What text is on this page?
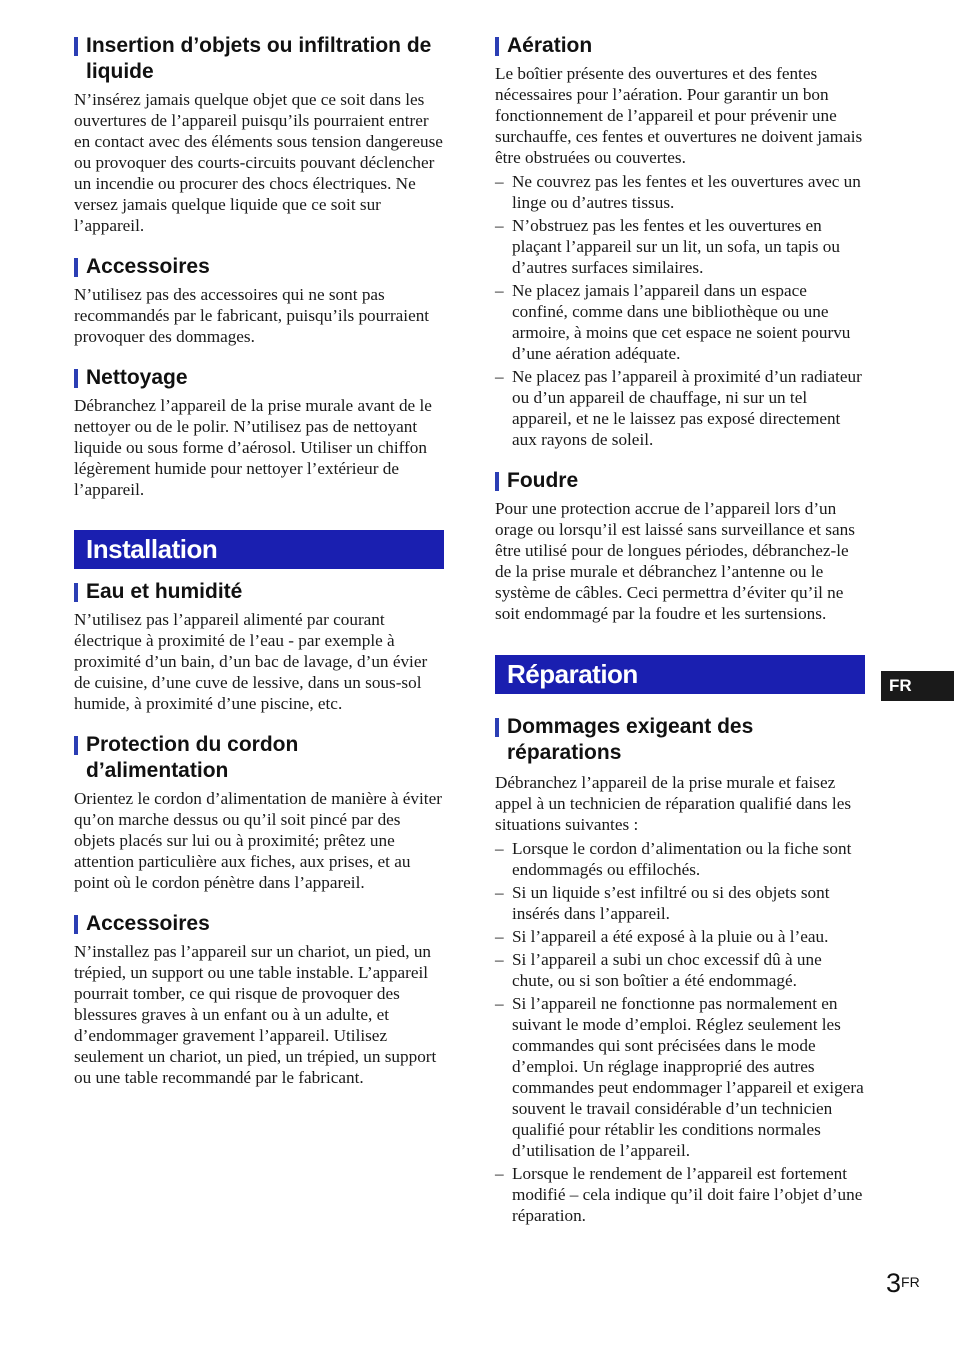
Insertion d’objets ou infiltration de liquide

N’insérez jamais quelque objet que ce soit dans les ouvertures de l’appareil puisqu’ils pourraient entrer en contact avec des éléments sous tension dangereuse ou provoquer des courts-circuits pouvant déclencher un incendie ou procurer des chocs électriques. Ne versez jamais quelque liquide que ce soit sur l’appareil.

Accessoires

N’utilisez pas des accessoires qui ne sont pas recommandés par le fabricant, puisqu’ils pourraient provoquer des dommages.

Nettoyage

Débranchez l’appareil de la prise murale avant de le nettoyer ou de le polir. N’utilisez pas de nettoyant liquide ou sous forme d’aérosol. Utiliser un chiffon légèrement humide pour nettoyer l’extérieur de l’appareil.

Installation
Eau et humidité

N’utilisez pas l’appareil alimenté par courant électrique à proximité de l’eau - par exemple à proximité d’un bain, d’un bac de lavage, d’un évier de cuisine, d’une cuve de lessive, dans un sous-sol humide, à proximité d’une piscine, etc.

Protection du cordon d’alimentation

Orientez le cordon d’alimentation de manière à éviter qu’on marche dessus ou qu’il soit pincé par des objets placés sur lui ou à proximité; prêtez une attention particulière aux fiches, aux prises, et au point où le cordon pénètre dans l’appareil.

Accessoires

N’installez pas l’appareil sur un chariot, un pied, un trépied, un support ou une table instable. L’appareil pourrait tomber, ce qui risque de provoquer des blessures graves à un enfant ou à un adulte, et d’endommager gravement l’appareil. Utilisez seulement un chariot, un pied, un trépied, un support ou une table recommandé par le fabricant.

Aération

Le boîtier présente des ouvertures et des fentes nécessaires pour l’aération. Pour garantir un bon fonctionnement de l’appareil et pour prévenir une surchauffe, ces fentes et ouvertures ne doivent jamais être obstruées ou couvertes.

– Ne couvrez pas les fentes et les ouvertures avec un linge ou d’autres tissus.
– N’obstruez pas les fentes et les ouvertures en plaçant l’appareil sur un lit, un sofa, un tapis ou d’autres surfaces similaires.
– Ne placez jamais l’appareil dans un espace confiné, comme dans une bibliothèque ou une armoire, à moins que cet espace ne soient pourvu d’une aération adéquate.
– Ne placez pas l’appareil à proximité d’un radiateur ou d’un appareil de chauffage, ni sur un tel appareil, et ne le laissez pas exposé directement aux rayons de soleil.
Foudre

Pour une protection accrue de l’appareil lors d’un orage ou lorsqu’il est laissé sans surveillance et sans être utilisé pour de longues périodes, débranchez-le de la prise murale et débranchez l’antenne ou le système de câbles. Ceci permettra d’éviter qu’il ne soit endommagé par la foudre et les surtensions.

Réparation
Dommages exigeant des réparations

Débranchez l’appareil de la prise murale et faisez appel à un technicien de réparation qualifié dans les situations suivantes :

– Lorsque le cordon d’alimentation ou la fiche sont endommagés ou effilochés.
– Si un liquide s’est infiltré ou si des objets sont insérés dans l’appareil.
– Si l’appareil a été exposé à la pluie ou à l’eau.
– Si l’appareil a subi un choc excessif dû à une chute, ou si son boîtier a été endommagé.
– Si l’appareil ne fonctionne pas normalement en suivant le mode d’emploi. Réglez seulement les commandes qui sont précisées dans le mode d’emploi. Un réglage inapproprié des autres commandes peut endommager l’appareil et exigera souvent le travail considérable d’un technicien qualifié pour rétablir les conditions normales d’utilisation de l’appareil.
– Lorsque le rendement de l’appareil est fortement modifié – cela indique qu’il doit faire l’objet d’une réparation.
FR
3FR
